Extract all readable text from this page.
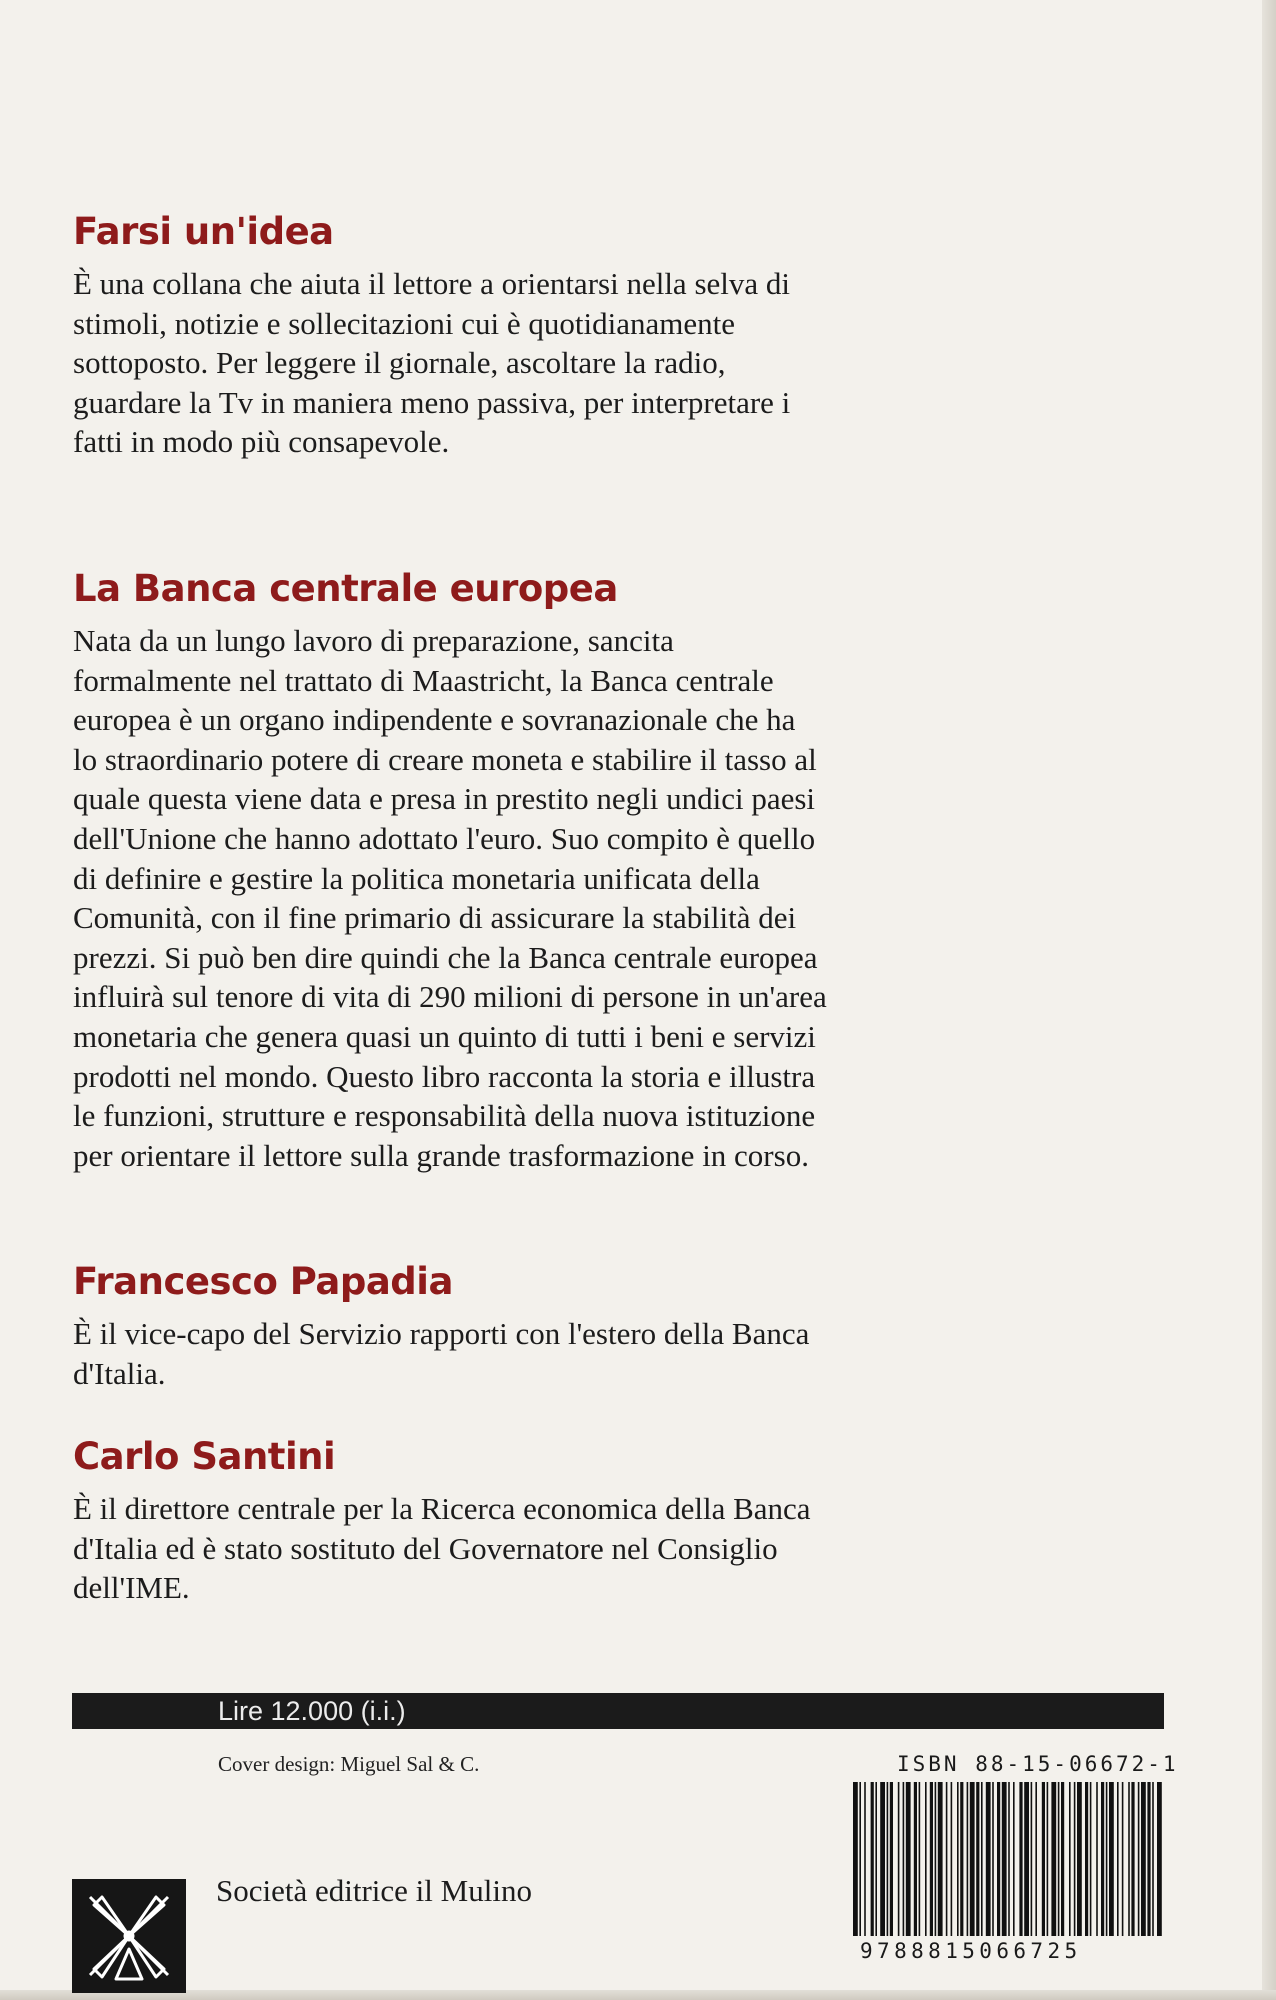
Farsi un'idea

È una collana che aiuta il lettore a orientarsi nella selva di
stimoli, notizie e sollecitazioni cui è quotidianamente
sottoposto. Per leggere il giornale, ascoltare la radio,
guardare la Tv in maniera meno passiva, per interpretare i
fatti in modo più consapevole.

La Banca centrale europea

Nata da un lungo lavoro di preparazione, sancita
formalmente nel trattato di Maastricht, la Banca centrale
europea è un organo indipendente e sovranazionale che ha
lo straordinario potere di creare moneta e stabilire il tasso al
quale questa viene data e presa in prestito negli undici paesi
dell'Unione che hanno adottato l'euro. Suo compito è quello
di definire e gestire la politica monetaria unificata della
Comunità, con il fine primario di assicurare la stabilità dei
prezzi. Si può ben dire quindi che la Banca centrale europea
influirà sul tenore di vita di 290 milioni di persone in un'area
monetaria che genera quasi un quinto di tutti i beni e servizi
prodotti nel mondo. Questo libro racconta la storia e illustra
le funzioni, strutture e responsabilità della nuova istituzione
per orientare il lettore sulla grande trasformazione in corso.

Francesco Papadia

È il vice-capo del Servizio rapporti con l'estero della Banca
d'Italia.

Carlo Santini

È il direttore centrale per la Ricerca economica della Banca
d'Italia ed è stato sostituto del Governatore nel Consiglio
dell'IME.

Lire 12.000 (i.i.)
Cover design: Miguel Sal & C.
Società editrice il Mulino
ISBN 88-15-06672-1
9788815066725
